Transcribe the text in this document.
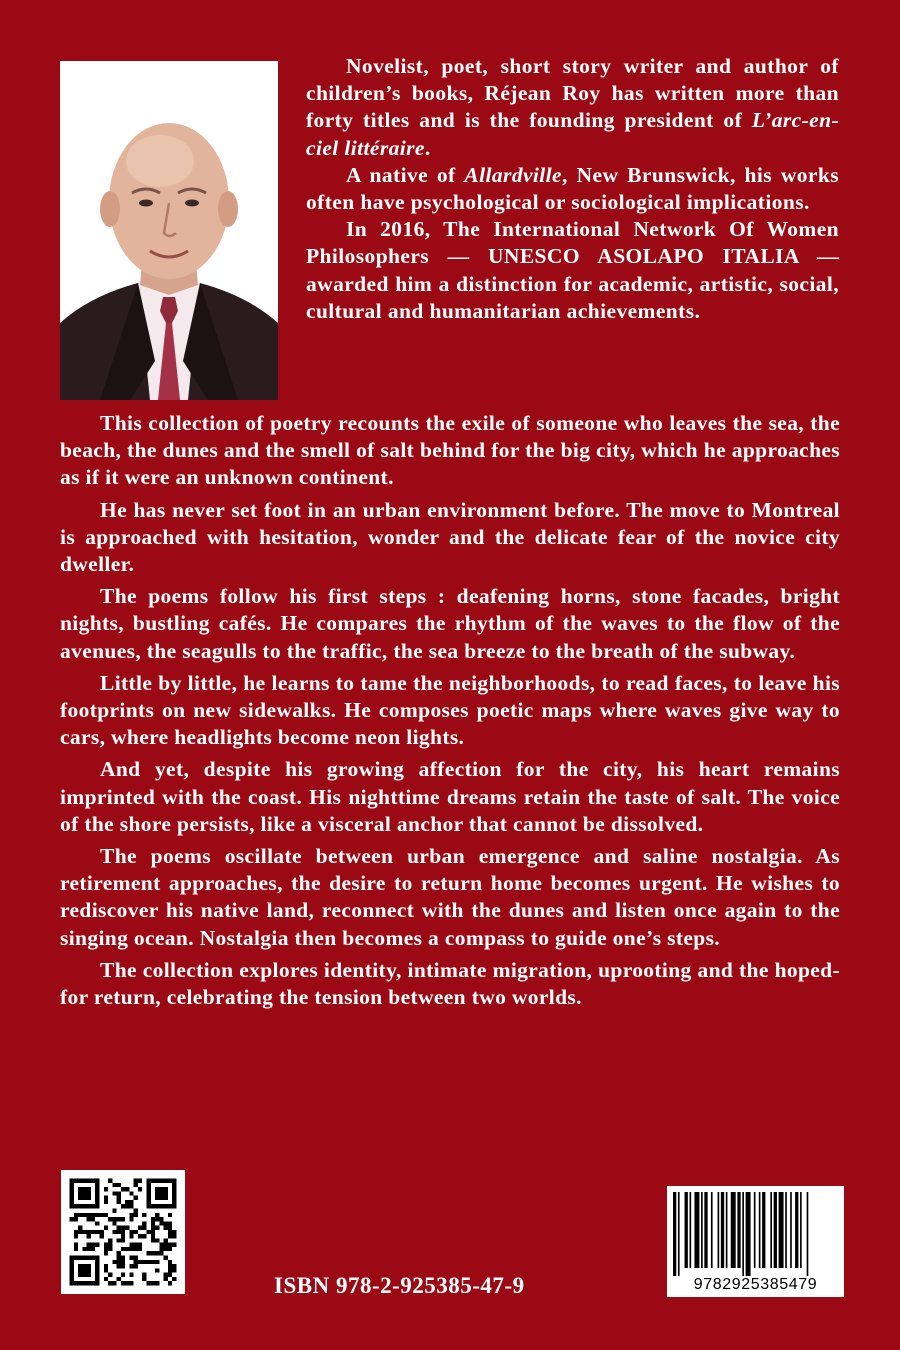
Novelist, poet, short story writer and author of children’s books, Réjean Roy has written more than forty titles and is the founding president of L’arc-en-ciel littéraire.

A native of Allardville, New Brunswick, his works often have psychological or sociological implications.

In 2016, The International Network Of Women Philosophers — UNESCO ASOLAPO ITALIA — awarded him a distinction for academic, artistic, social, cultural and humanitarian achievements.

This collection of poetry recounts the exile of someone who leaves the sea, the beach, the dunes and the smell of salt behind for the big city, which he approaches as if it were an unknown continent.

He has never set foot in an urban environment before. The move to Montreal is approached with hesitation, wonder and the delicate fear of the novice city dweller.

The poems follow his first steps : deafening horns, stone facades, bright nights, bustling cafés. He compares the rhythm of the waves to the flow of the avenues, the seagulls to the traffic, the sea breeze to the breath of the subway.

Little by little, he learns to tame the neighborhoods, to read faces, to leave his footprints on new sidewalks. He composes poetic maps where waves give way to cars, where headlights become neon lights.

And yet, despite his growing affection for the city, his heart remains imprinted with the coast. His nighttime dreams retain the taste of salt. The voice of the shore persists, like a visceral anchor that cannot be dissolved.

The poems oscillate between urban emergence and saline nostalgia. As retirement approaches, the desire to return home becomes urgent. He wishes to rediscover his native land, reconnect with the dunes and listen once again to the singing ocean. Nostalgia then becomes a compass to guide one’s steps.

The collection explores identity, intimate migration, uprooting and the hoped-for return, celebrating the tension between two worlds.

ISBN 978-2-925385-47-9	9782925385479
